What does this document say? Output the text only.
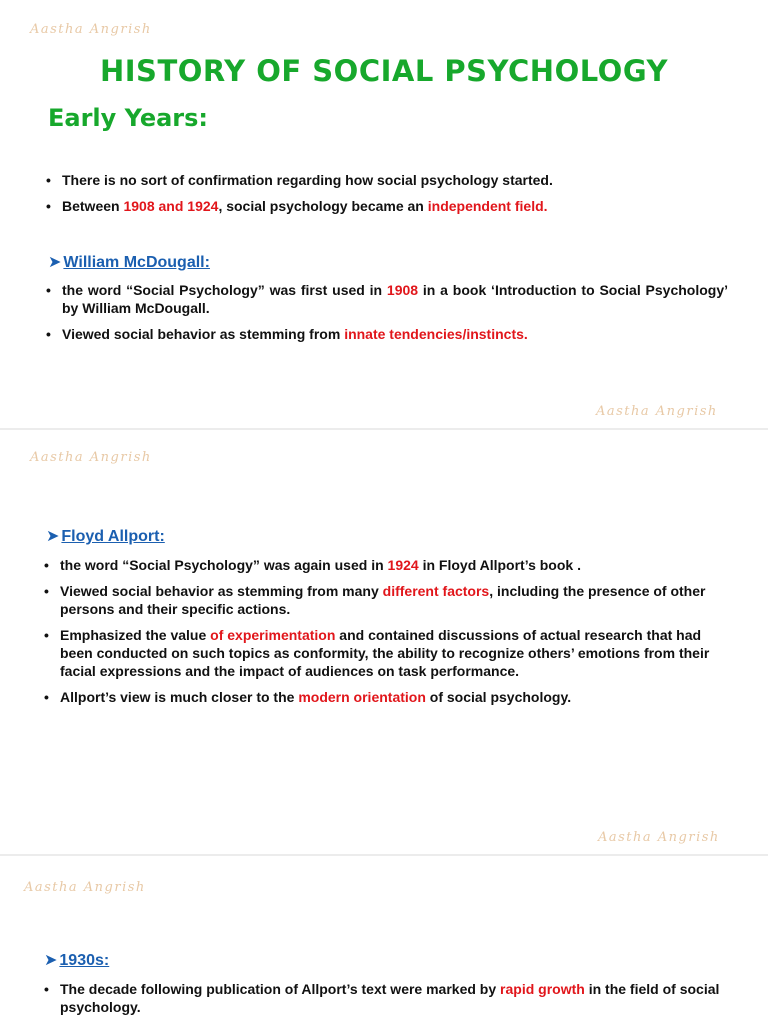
Aastha Angrish
HISTORY OF SOCIAL PSYCHOLOGY
Early Years:
• There is no sort of confirmation regarding how social psychology started.
• Between 1908 and 1924, social psychology became an independent field.
➤ William McDougall:
• the word “Social Psychology” was first used in 1908 in a book ‘Introduction to Social Psychology’ by William McDougall.
• Viewed social behavior as stemming from innate tendencies/instincts.
Aastha Angrish
Aastha Angrish
➤ Floyd Allport:
• the word “Social Psychology” was again used in 1924 in Floyd Allport’s book .
• Viewed social behavior as stemming from many different factors, including the presence of other persons and their specific actions.
• Emphasized the value of experimentation and contained discussions of actual research that had been conducted on such topics as conformity, the ability to recognize others’ emotions from their facial expressions and the impact of audiences on task performance.
• Allport’s view is much closer to the modern orientation of social psychology.
Aastha Angrish
Aastha Angrish
➤ 1930s:
• The decade following publication of Allport’s text were marked by rapid growth in the field of social psychology.
